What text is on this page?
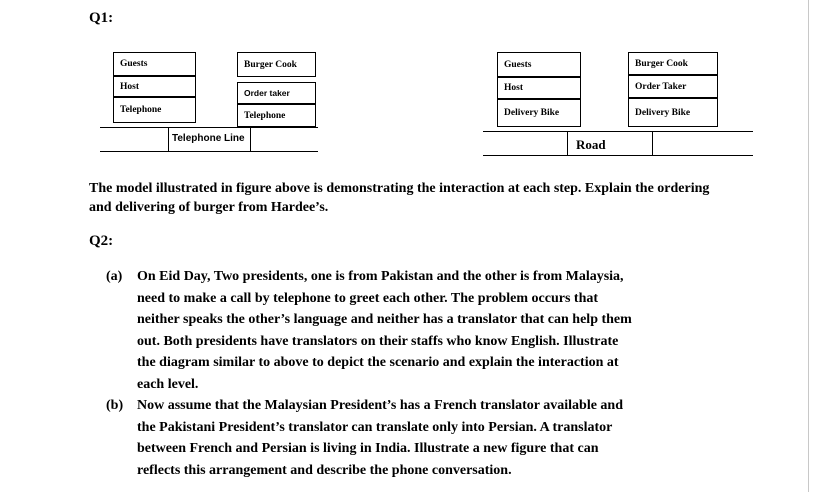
Q1:
Guests
Host
Telephone
Burger Cook
Order taker
Telephone
Telephone Line
Guests
Host
Delivery Bike
Burger Cook
Order Taker
Delivery Bike
Road
The model illustrated in figure above is demonstrating the interaction at each step. Explain the ordering and delivering of burger from Hardee’s.
Q2:
(a) On Eid Day, Two presidents, one is from Pakistan and the other is from Malaysia,
need to make a call by telephone to greet each other. The problem occurs that
neither speaks the other’s language and neither has a translator that can help them
out. Both presidents have translators on their staffs who know English. Illustrate
the diagram similar to above to depict the scenario and explain the interaction at
each level.
(b) Now assume that the Malaysian President’s has a French translator available and
the Pakistani President’s translator can translate only into Persian. A translator
between French and Persian is living in India. Illustrate a new figure that can
reflects this arrangement and describe the phone conversation.
